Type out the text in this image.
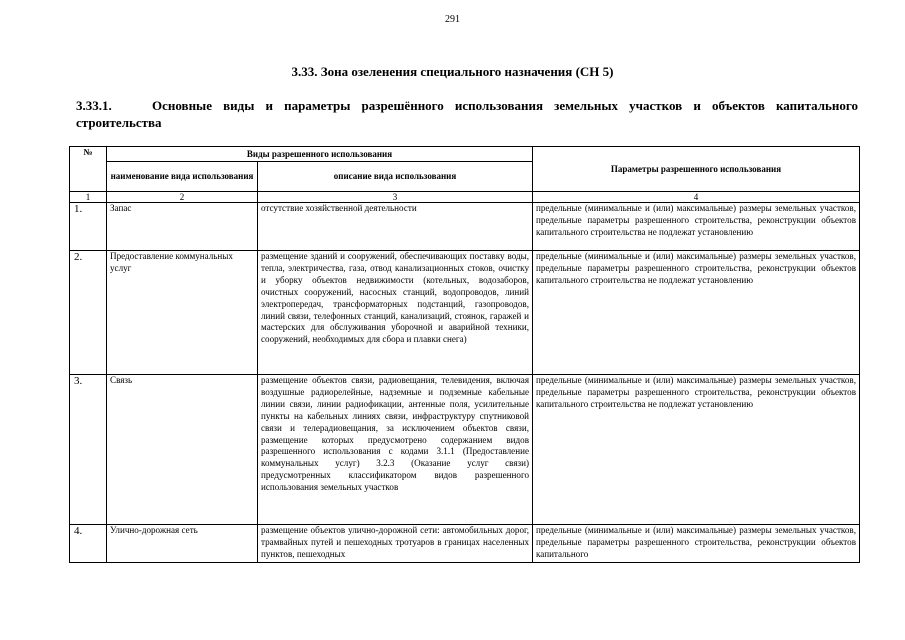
291
3.33. Зона озеленения специального назначения (СН 5)
3.33.1.	Основные виды и параметры разрешённого использования земельных участков и объектов капитального строительства
№	Виды разрешенного использования		Параметры разрешенного использования
	наименование вида использования	описание вида использования	
1	2	3	4
1.	Запас	отсутствие хозяйственной деятельности	предельные (минимальные и (или) максимальные) размеры земельных участков, предельные параметры разрешенного строительства, реконструкции объектов капитального строительства не подлежат установлению
2.	Предоставление коммунальных услуг	размещение зданий и сооружений, обеспечивающих поставку воды, тепла, электричества, газа, отвод канализационных стоков, очистку и уборку объектов недвижимости (котельных, водозаборов, очистных сооружений, насосных станций, водопроводов, линий электропередач, трансформаторных подстанций, газопроводов, линий связи, телефонных станций, канализаций, стоянок, гаражей и мастерских для обслуживания уборочной и аварийной техники, сооружений, необходимых для сбора и плавки снега)	предельные (минимальные и (или) максимальные) размеры земельных участков, предельные параметры разрешенного строительства, реконструкции объектов капитального строительства не подлежат установлению
3.	Связь	размещение объектов связи, радиовещания, телевидения, включая воздушные радиорелейные, надземные и подземные кабельные линии связи, линии радиофикации, антенные поля, усилительные пункты на кабельных линиях связи, инфраструктуру спутниковой связи и телерадиовещания, за исключением объектов связи, размещение которых предусмотрено содержанием видов разрешенного использования с кодами 3.1.1 (Предоставление коммунальных услуг) 3.2.3 (Оказание услуг связи) предусмотренных классификатором видов разрешенного использования земельных участков	предельные (минимальные и (или) максимальные) размеры земельных участков, предельные параметры разрешенного строительства, реконструкции объектов капитального строительства не подлежат установлению
4.	Улично-дорожная сеть	размещение объектов улично-дорожной сети: автомобильных дорог, трамвайных путей и пешеходных тротуаров в границах населенных пунктов, пешеходных	предельные (минимальные и (или) максимальные) размеры земельных участков, предельные параметры разрешенного строительства, реконструкции объектов капитального
